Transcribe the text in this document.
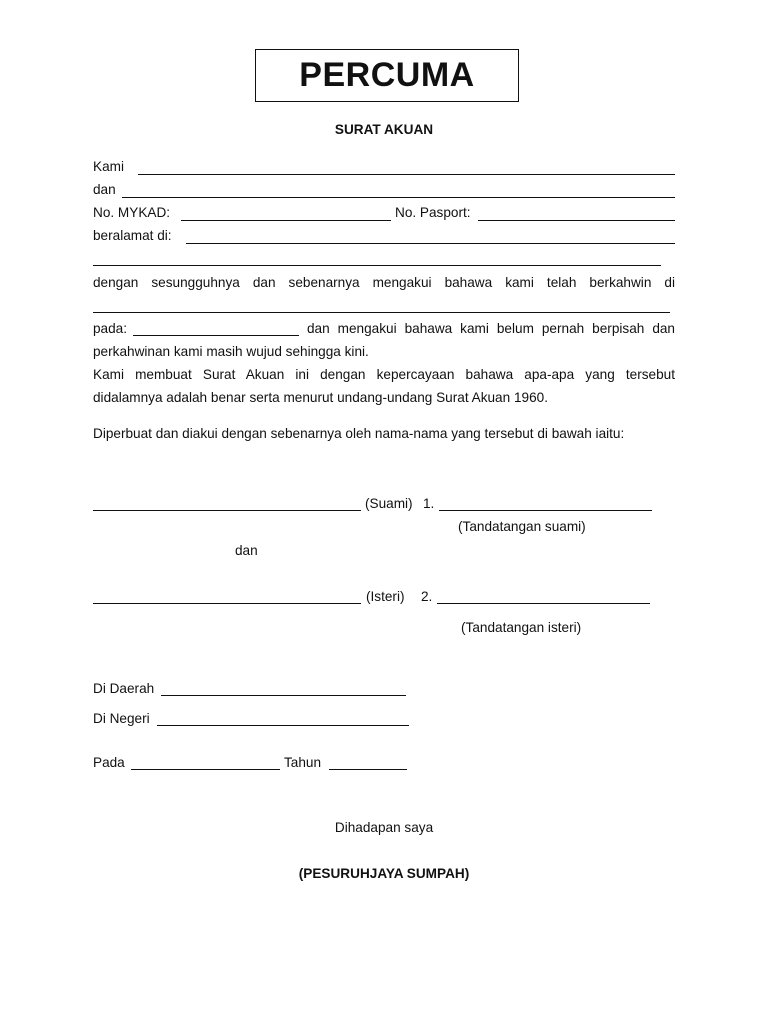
PERCUMA
SURAT AKUAN
Kami
dan
No. MYKAD:	No. Pasport:
beralamat di:
dengan sesungguhnya dan sebenarnya mengakui bahawa kami telah berkahwin di
pada:	dan mengakui bahawa kami belum pernah berpisah dan
perkahwinan kami masih wujud sehingga kini.
Kami membuat Surat Akuan ini dengan kepercayaan bahawa apa-apa yang tersebut
didalamnya adalah benar serta menurut undang-undang Surat Akuan 1960.
Diperbuat dan diakui dengan sebenarnya oleh nama-nama yang tersebut di bawah iaitu:
(Suami) 1.
(Tandatangan suami)
dan
(Isteri) 2.
(Tandatangan isteri)
Di Daerah
Di Negeri
Pada	Tahun
Dihadapan saya
(PESURUHJAYA SUMPAH)
